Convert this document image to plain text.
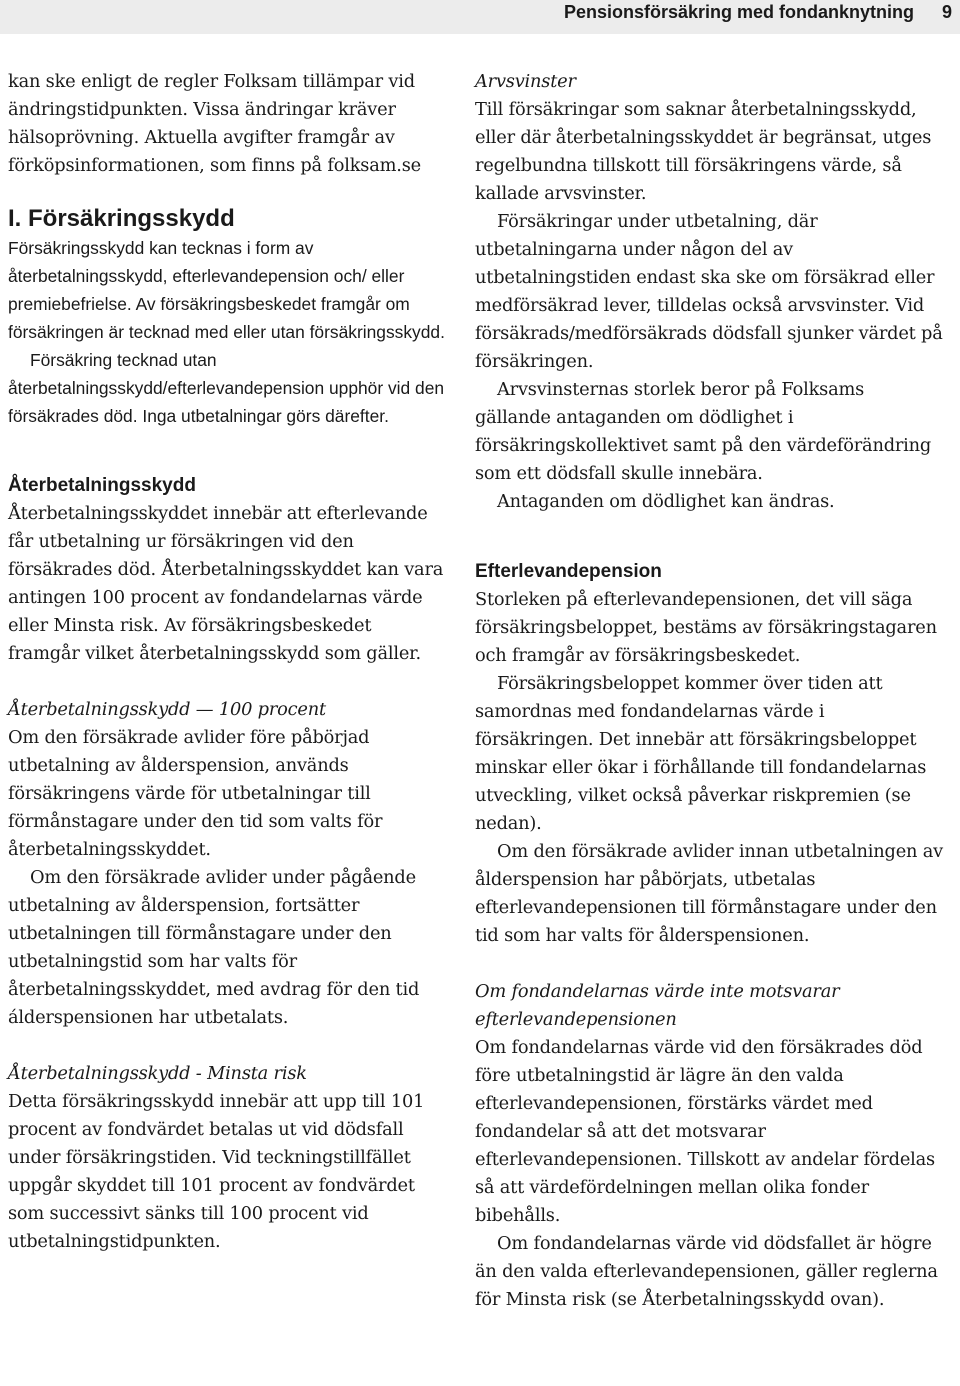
Pensionsförsäkring med fondanknytning 9

kan ske enligt de regler Folksam tillämpar vid ändringstidpunkten. Vissa ändringar kräver hälsoprövning. Aktuella avgifter framgår av förköpsinformationen, som finns på folksam.se

I. Försäkringsskydd

Försäkringsskydd kan tecknas i form av återbetalningsskydd, efterlevandepension och/ eller premiebefrielse. Av försäkringsbeskedet framgår om försäkringen är tecknad med eller utan försäkringsskydd.

Försäkring tecknad utan återbetalningsskydd/efterlevandepension upphör vid den försäkrades död. Inga utbetalningar görs därefter.

Återbetalningsskydd

Återbetalningsskyddet innebär att efterlevande får utbetalning ur försäkringen vid den försäkrades död. Återbetalningsskyddet kan vara antingen 100 procent av fondandelarnas värde eller Minsta risk. Av försäkringsbeskedet framgår vilket återbetalningsskydd som gäller.

Återbetalningsskydd — 100 procent

Om den försäkrade avlider före påbörjad utbetalning av ålderspension, används försäkringens värde för utbetalningar till förmånstagare under den tid som valts för återbetalningsskyddet.

Om den försäkrade avlider under pågående utbetalning av ålderspension, fortsätter utbetalningen till förmånstagare under den utbetalningstid som har valts för återbetalningsskyddet, med avdrag för den tid álderspensionen har utbetalats.

Återbetalningsskydd - Minsta risk

Detta försäkringsskydd innebär att upp till 101 procent av fondvärdet betalas ut vid dödsfall under försäkringstiden. Vid teckningstillfället uppgår skyddet till 101 procent av fondvärdet som successivt sänks till 100 procent vid utbetalningstidpunkten.

Arvsvinster

Till försäkringar som saknar återbetalningsskydd, eller där återbetalningsskyddet är begränsat, utges regelbundna tillskott till försäkringens värde, så kallade arvsvinster.

Försäkringar under utbetalning, där utbetalningarna under någon del av utbetalningstiden endast ska ske om försäkrad eller medförsäkrad lever, tilldelas också arvsvinster. Vid försäkrads/medförsäkrads dödsfall sjunker värdet på försäkringen.

Arvsvinsternas storlek beror på Folksams gällande antaganden om dödlighet i försäkringskollektivet samt på den värdeförändring som ett dödsfall skulle innebära.

Antaganden om dödlighet kan ändras.

Efterlevandepension

Storleken på efterlevandepensionen, det vill säga försäkringsbeloppet, bestäms av försäkringstagaren och framgår av försäkringsbeskedet.

Försäkringsbeloppet kommer över tiden att samordnas med fondandelarnas värde i försäkringen. Det innebär att försäkringsbeloppet minskar eller ökar i förhållande till fondandelarnas utveckling, vilket också påverkar riskpremien (se nedan).

Om den försäkrade avlider innan utbetalningen av ålderspension har påbörjats, utbetalas efterlevandepensionen till förmånstagare under den tid som har valts för ålderspensionen.

Om fondandelarnas värde inte motsvarar efterlevandepensionen

Om fondandelarnas värde vid den försäkrades död före utbetalningstid är lägre än den valda efterlevandepensionen, förstärks värdet med fondandelar så att det motsvarar efterlevandepensionen. Tillskott av andelar fördelas så att värdefördelningen mellan olika fonder bibehålls.

Om fondandelarnas värde vid dödsfallet är högre än den valda efterlevandepensionen, gäller reglerna för Minsta risk (se Återbetalningsskydd ovan).
